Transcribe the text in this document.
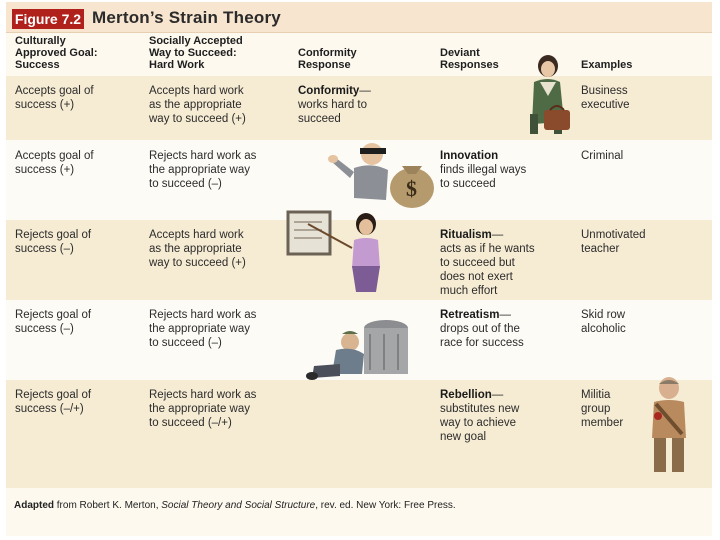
Figure 7.2 Merton’s Strain Theory
Culturally
Approved Goal:
Success
Socially Accepted
Way to Succeed:
Hard Work
Conformity
Response
Deviant
Responses	Examples
Accepts goal of
success (+)
Accepts hard work
as the appropriate
way to succeed (+)
Conformity—
works hard to
succeed
Business
executive
Accepts goal of
success (+)
Rejects hard work as
the appropriate way
to succeed (–)
Innovation
finds illegal ways
to succeed
Criminal
Rejects goal of
success (–)
Accepts hard work
as the appropriate
way to succeed (+)
Ritualism—
acts as if he wants
to succeed but
does not exert
much effort
Unmotivated
teacher
Rejects goal of
success (–)
Rejects hard work as
the appropriate way
to succeed (–)
Retreatism—
drops out of the
race for success
Skid row
alcoholic
Rejects goal of
success (–/+)
Rejects hard work as
the appropriate way
to succeed (–/+)
Rebellion—
substitutes new
way to achieve
new goal
Militia
group
member
Adapted from Robert K. Merton, Social Theory and Social Structure, rev. ed. New York: Free Press.
$
